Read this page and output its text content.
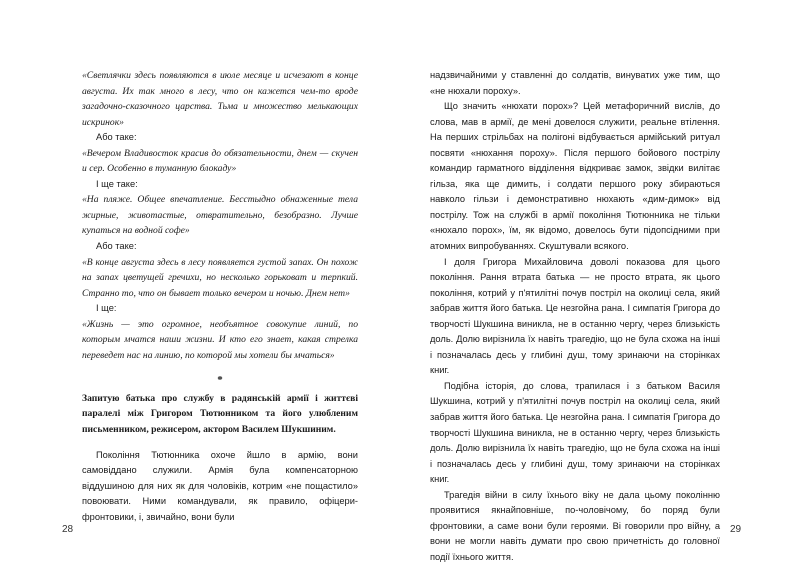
«Светлячки здесь появляются в июле месяце и исчезают в конце августа. Их так много в лесу, что он кажется чем-то вроде загадочно-сказочного царства. Тьма и множество мелькающих искринок»

Або таке:

«Вечером Владивосток красив до обязательности, днем — скучен и сер. Особенно в туманную блокаду»

І ще таке:

«На пляже. Общее впечатление. Бесстыдно обнаженные тела жирные, животастые, отвратительно, безобразно. Лучше купаться на водной софе»

Або таке:

«В конце августа здесь в лесу появляется густой запах. Он похож на запах цветущей гречихи, но несколько горьковат и терпкий. Странно то, что он бывает только вечером и ночью. Днем нет»

І ще:

«Жизнь — это огромное, необъятное совокупие линий, по которым мчатся наши жизни. И кто его знает, какая стрелка переведет нас на линию, по которой мы хотели бы мчаться»

*

Запитую батька про службу в радянській армії і життєві паралелі між Григором Тютюнником та його улюбленим письменником, режисером, актором Василем Шукшиним.

Покоління Тютюнника охоче йшло в армію, вони самовіддано служили. Армія була компенсаторною віддушиною для них як для чоловіків, котрим «не пощастило» повоювати. Ними командували, як правило, офіцери-фронтовики, і, звичайно, вони були

28

надзвичайними у ставленні до солдатів, винуватих уже тим, що «не нюхали пороху».

Що значить «нюхати порох»? Цей метафоричний вислів, до слова, мав в армії, де мені довелося служити, реальне втілення. На перших стрільбах на полігоні відбувається армійський ритуал посвяти «нюхання пороху». Після першого бойового пострілу командир гарматного відділення відкриває замок, звідки вилітає гільза, яка ще димить, і солдати першого року збираються навколо гільзи і демонстративно нюхають «дим-димок» від пострілу. Тож на службі в армії покоління Тютюнника не тільки «нюхало порох», їм, як відомо, довелось бути підопсідними при атомних випробуваннях. Скуштували всякого.

І доля Григора Михайловича доволі показова для цього покоління. Рання втрата батька — не просто втрата, як цього покоління, котрий у п'ятилітні почув постріл на околиці села, який забрав життя його батька. Це незгойна рана. І симпатія Григора до творчості Шукшина виникла, не в останню чергу, через близькість доль. Долю вирізнила їх навіть трагедію, що не була схожа на інші і позначалась десь у глибині душ, тому зринаючи на сторінках книг.

Подібна історія, до слова, трапилася і з батьком Василя Шукшина, котрий у п'ятилітні почув постріл на околиці села, який забрав життя його батька. Це незгойна рана. І симпатія Григора до творчості Шукшина виникла, не в останню чергу, через близькість доль. Долю вирізнила їх навіть трагедію, що не була схожа на інші і позначалась десь у глибині душ, тому зринаючи на сторінках книг.

Трагедія війни в силу їхнього віку не дала цьому поколінню проявитися якнайповніше, по-чоловічому, бо поряд були фронтовики, а саме вони були героями. Ві говорили про війну, а вони не могли навіть думати про свою причетність до головної події їхнього життя.

29
